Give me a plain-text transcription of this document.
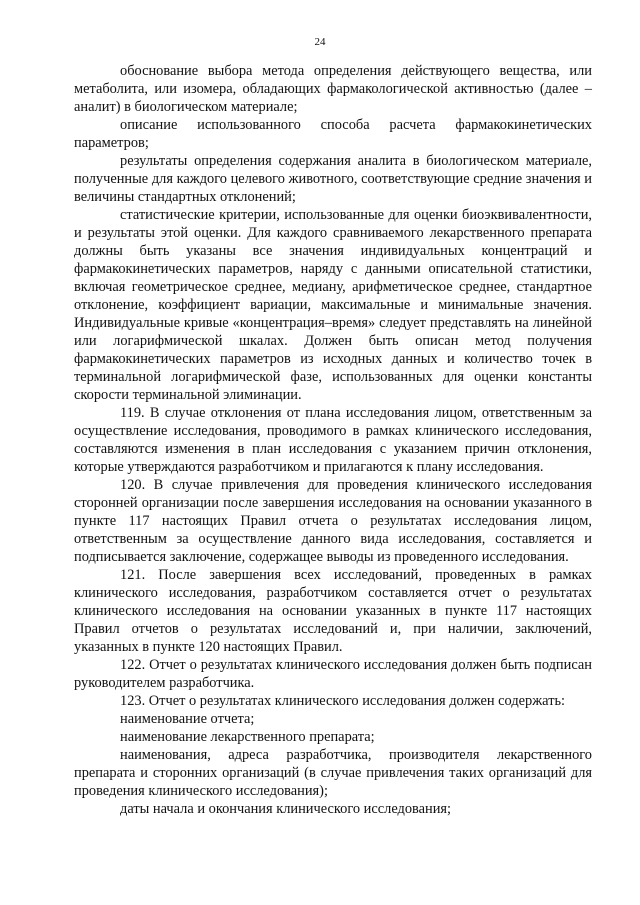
24

обоснование выбора метода определения действующего вещества, или метаболита, или изомера, обладающих фармакологической активностью (далее – аналит) в биологическом материале;

описание использованного способа расчета фармакокинетических параметров;

результаты определения содержания аналита в биологическом материале, полученные для каждого целевого животного, соответствующие средние значения и величины стандартных отклонений;

статистические критерии, использованные для оценки биоэквивалентности, и результаты этой оценки. Для каждого сравниваемого лекарственного препарата должны быть указаны все значения индивидуальных концентраций и фармакокинетических параметров, наряду с данными описательной статистики, включая геометрическое среднее, медиану, арифметическое среднее, стандартное отклонение, коэффициент вариации, максимальные и минимальные значения. Индивидуальные кривые «концентрация–время» следует представлять на линейной или логарифмической шкалах. Должен быть описан метод получения фармакокинетических параметров из исходных данных и количество точек в терминальной логарифмической фазе, использованных для оценки константы скорости терминальной элиминации.

119. В случае отклонения от плана исследования лицом, ответственным за осуществление исследования, проводимого в рамках клинического исследования, составляются изменения в план исследования с указанием причин отклонения, которые утверждаются разработчиком и прилагаются к плану исследования.

120. В случае привлечения для проведения клинического исследования сторонней организации после завершения исследования на основании указанного в пункте 117 настоящих Правил отчета о результатах исследования лицом, ответственным за осуществление данного вида исследования, составляется и подписывается заключение, содержащее выводы из проведенного исследования.

121. После завершения всех исследований, проведенных в рамках клинического исследования, разработчиком составляется отчет о результатах клинического исследования на основании указанных в пункте 117 настоящих Правил отчетов о результатах исследований и, при наличии, заключений, указанных в пункте 120 настоящих Правил.

122. Отчет о результатах клинического исследования должен быть подписан руководителем разработчика.

123. Отчет о результатах клинического исследования должен содержать:

наименование отчета;

наименование лекарственного препарата;

наименования, адреса разработчика, производителя лекарственного препарата и сторонних организаций (в случае привлечения таких организаций для проведения клинического исследования);

даты начала и окончания клинического исследования;
